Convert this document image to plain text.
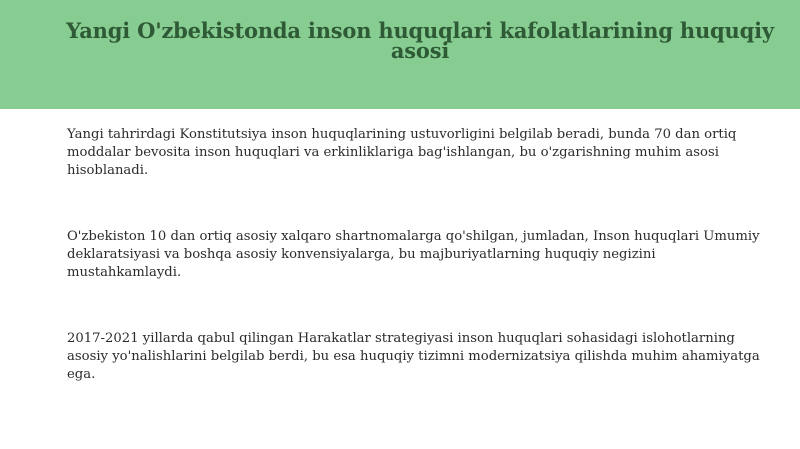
Yangi O'zbekistonda inson huquqlari kafolatlarining huquqiy asosi

Yangi tahrirdagi Konstitutsiya inson huquqlarining ustuvorligini belgilab beradi, bunda 70 dan ortiq moddalar bevosita inson huquqlari va erkinliklariga bag'ishlangan, bu o'zgarishning muhim asosi hisoblanadi.

O'zbekiston 10 dan ortiq asosiy xalqaro shartnomalarga qo'shilgan, jumladan, Inson huquqlari Umumiy deklaratsiyasi va boshqa asosiy konvensiyalarga, bu majburiyatlarning huquqiy negizini mustahkamlaydi.

2017-2021 yillarda qabul qilingan Harakatlar strategiyasi inson huquqlari sohasidagi islohotlarning asosiy yo'nalishlarini belgilab berdi, bu esa huquqiy tizimni modernizatsiya qilishda muhim ahamiyatga ega.
